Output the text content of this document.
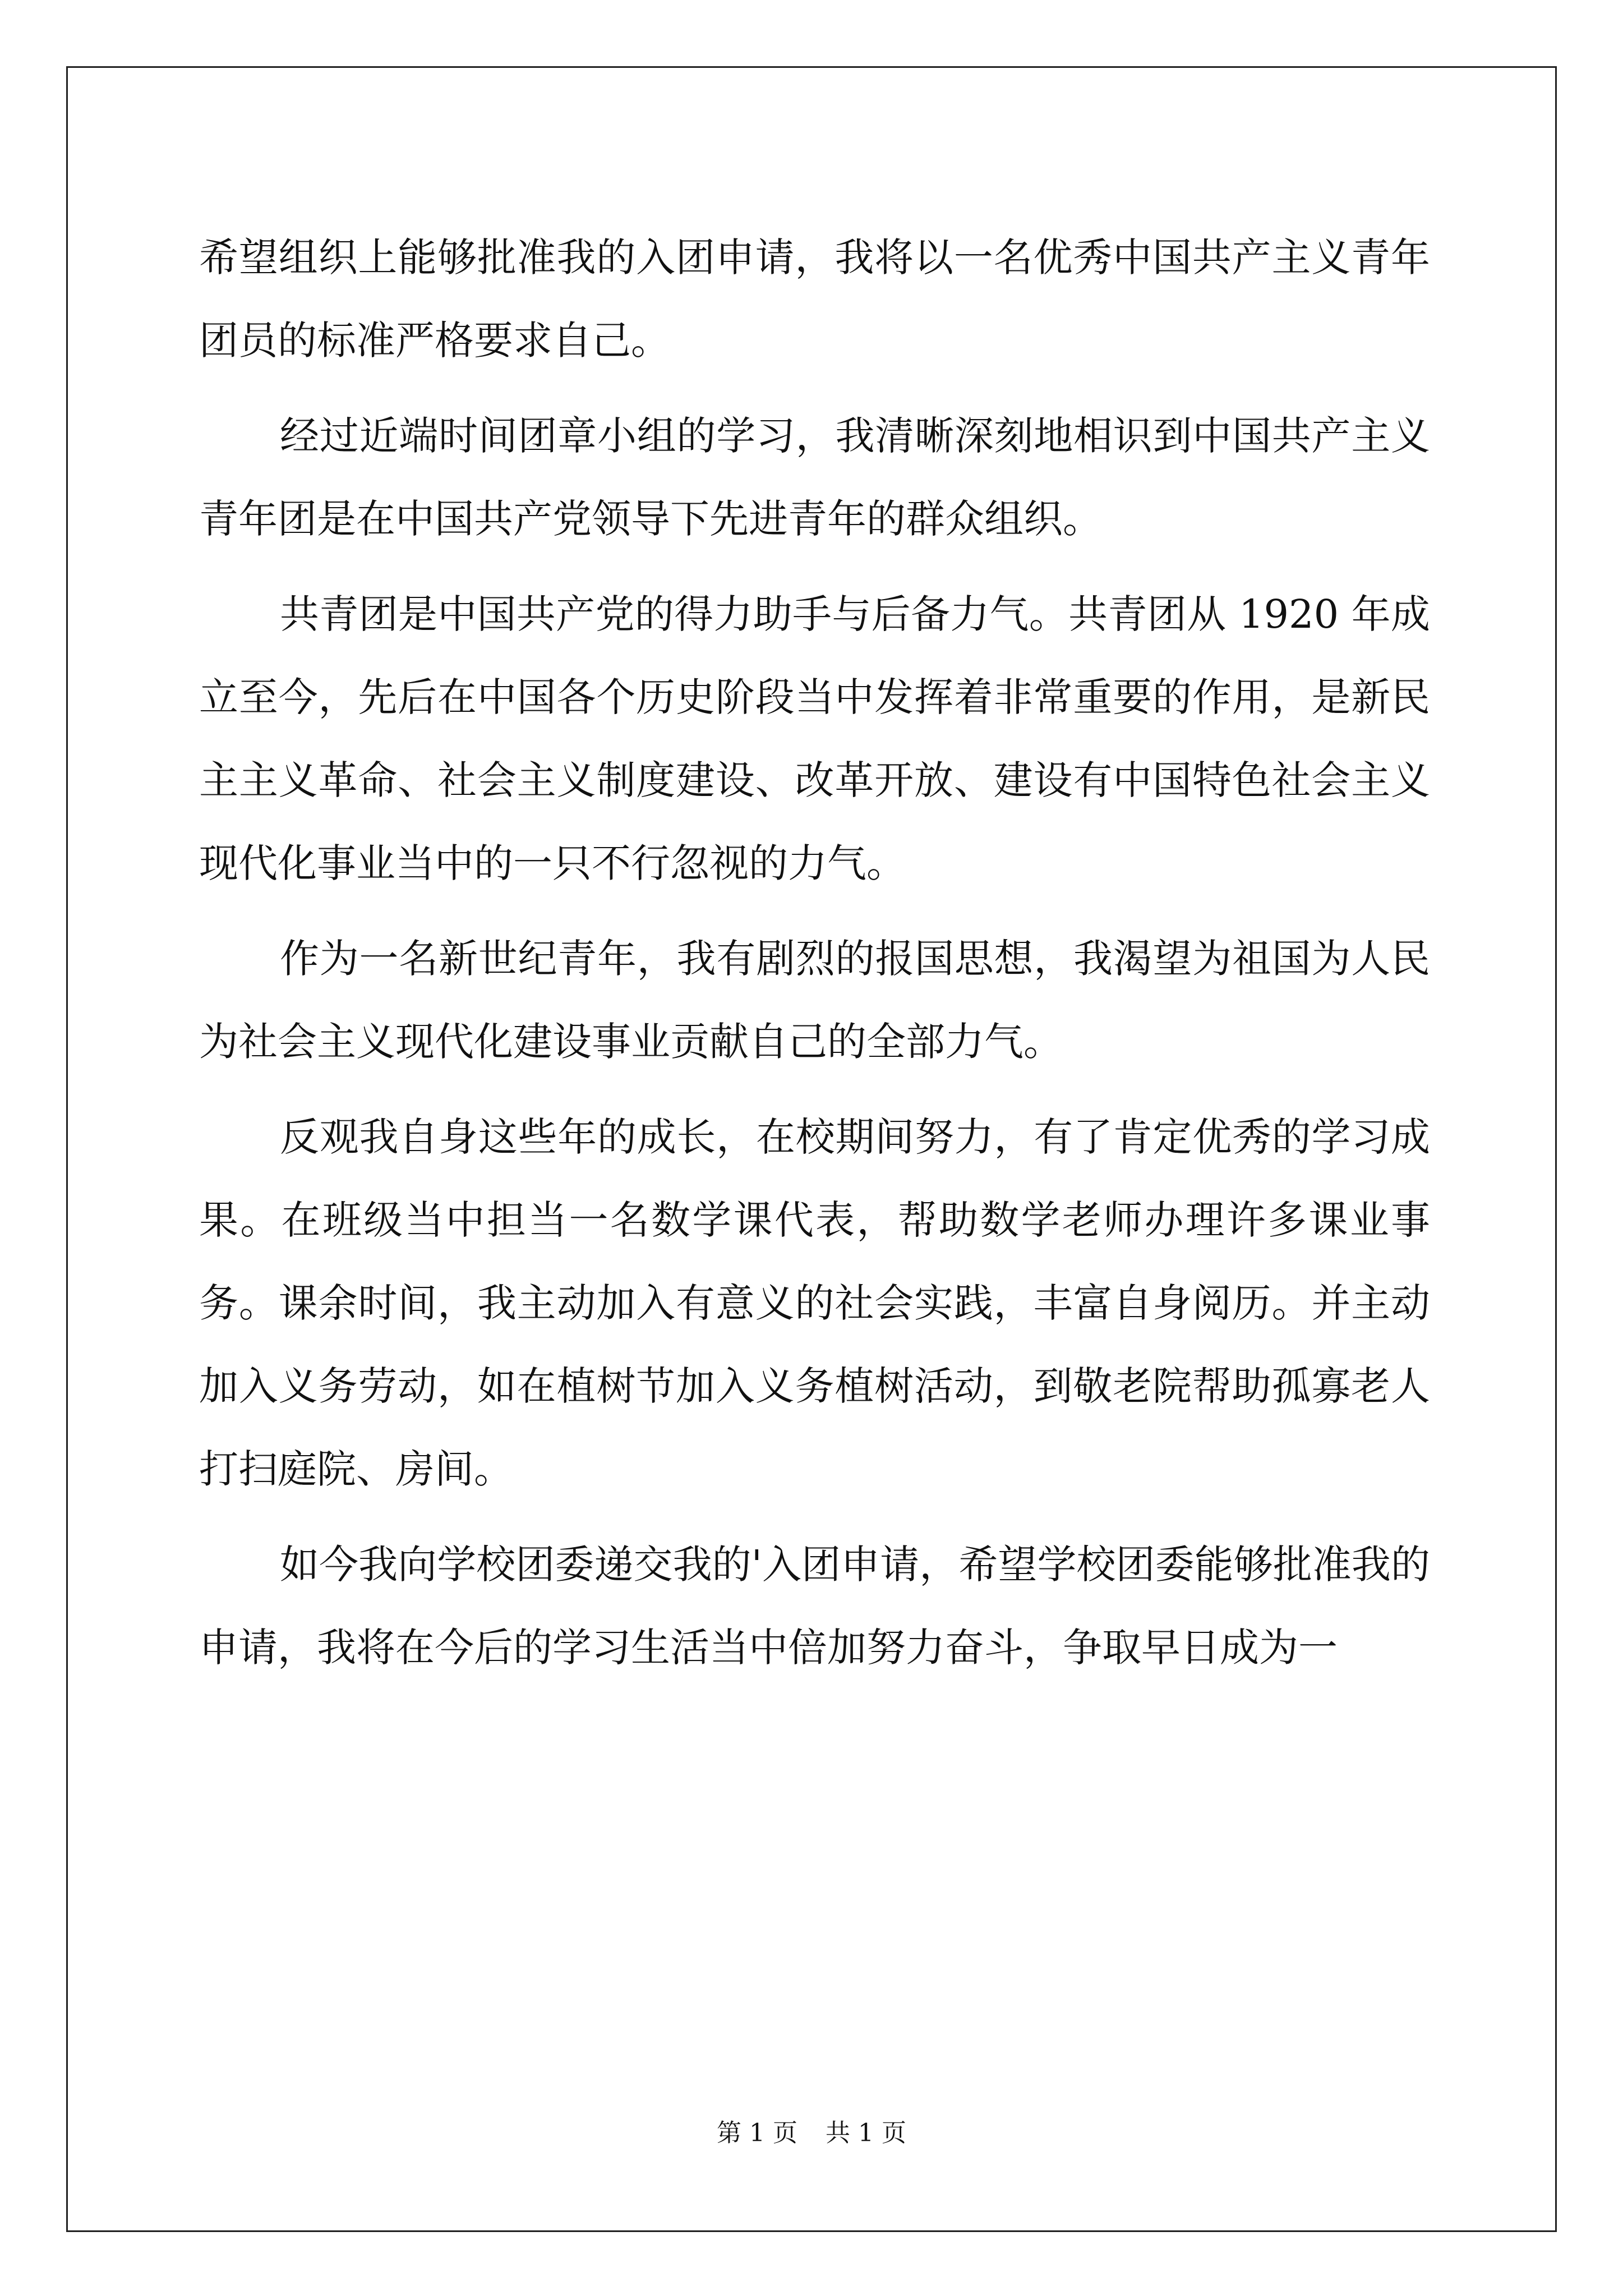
希望组织上能够批准我的入团申请，我将以一名优秀中国共产主义青年团员的标准严格要求自己。

经过近端时间团章小组的学习，我清晰深刻地相识到中国共产主义青年团是在中国共产党领导下先进青年的群众组织。

共青团是中国共产党的得力助手与后备力气。共青团从 1920 年成立至今，先后在中国各个历史阶段当中发挥着非常重要的作用，是新民主主义革命、社会主义制度建设、改革开放、建设有中国特色社会主义现代化事业当中的一只不行忽视的力气。

作为一名新世纪青年，我有剧烈的报国思想，我渴望为祖国为人民为社会主义现代化建设事业贡献自己的全部力气。

反观我自身这些年的成长，在校期间努力，有了肯定优秀的学习成果。在班级当中担当一名数学课代表，帮助数学老师办理许多课业事务。课余时间，我主动加入有意义的社会实践，丰富自身阅历。并主动加入义务劳动，如在植树节加入义务植树活动，到敬老院帮助孤寡老人打扫庭院、房间。

如今我向学校团委递交我的'入团申请，希望学校团委能够批准我的申请，我将在今后的学习生活当中倍加努力奋斗，争取早日成为一

第 1 页 共 1 页
